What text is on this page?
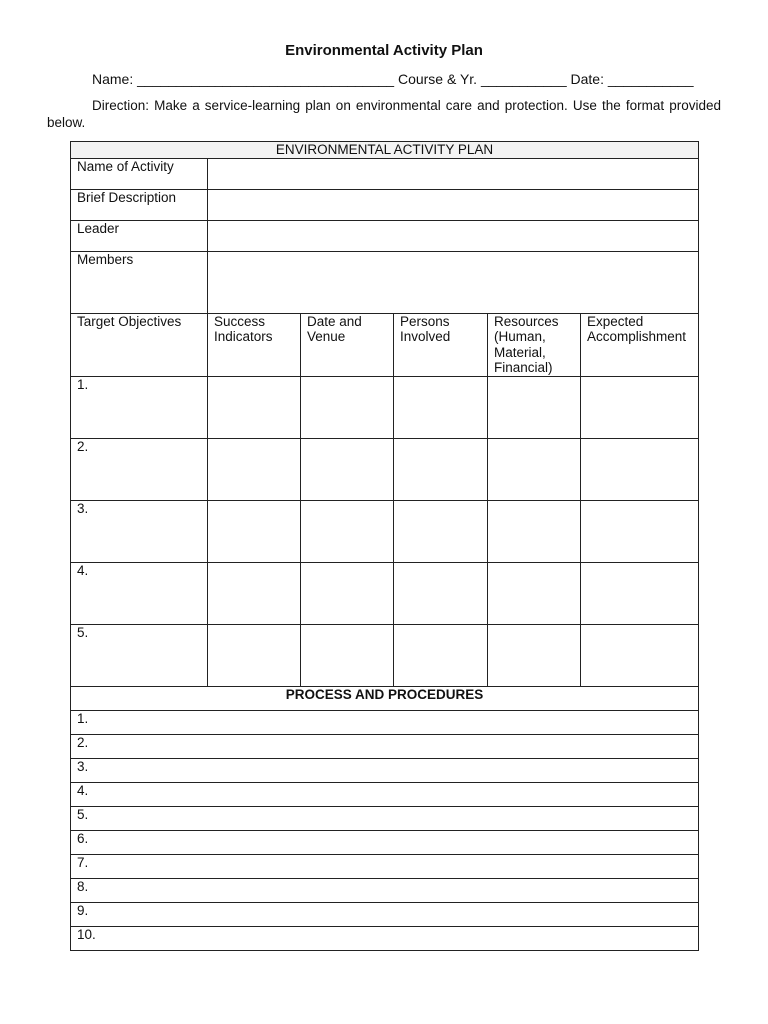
Environmental Activity Plan
Name: _________________________________ Course & Yr. ___________ Date: ___________
Direction: Make a service-learning plan on environmental care and protection. Use the format provided below.
ENVIRONMENTAL ACTIVITY PLAN					
Name of Activity					
Brief Description					
Leader					
Members					
Target Objectives	Success Indicators	Date and Venue	Persons Involved	Resources (Human, Material, Financial)	Expected Accomplishment
1.					
2.					
3.					
4.					
5.					
PROCESS AND PROCEDURES					
1.					
2.					
3.					
4.					
5.					
6.					
7.					
8.					
9.					
10.					
